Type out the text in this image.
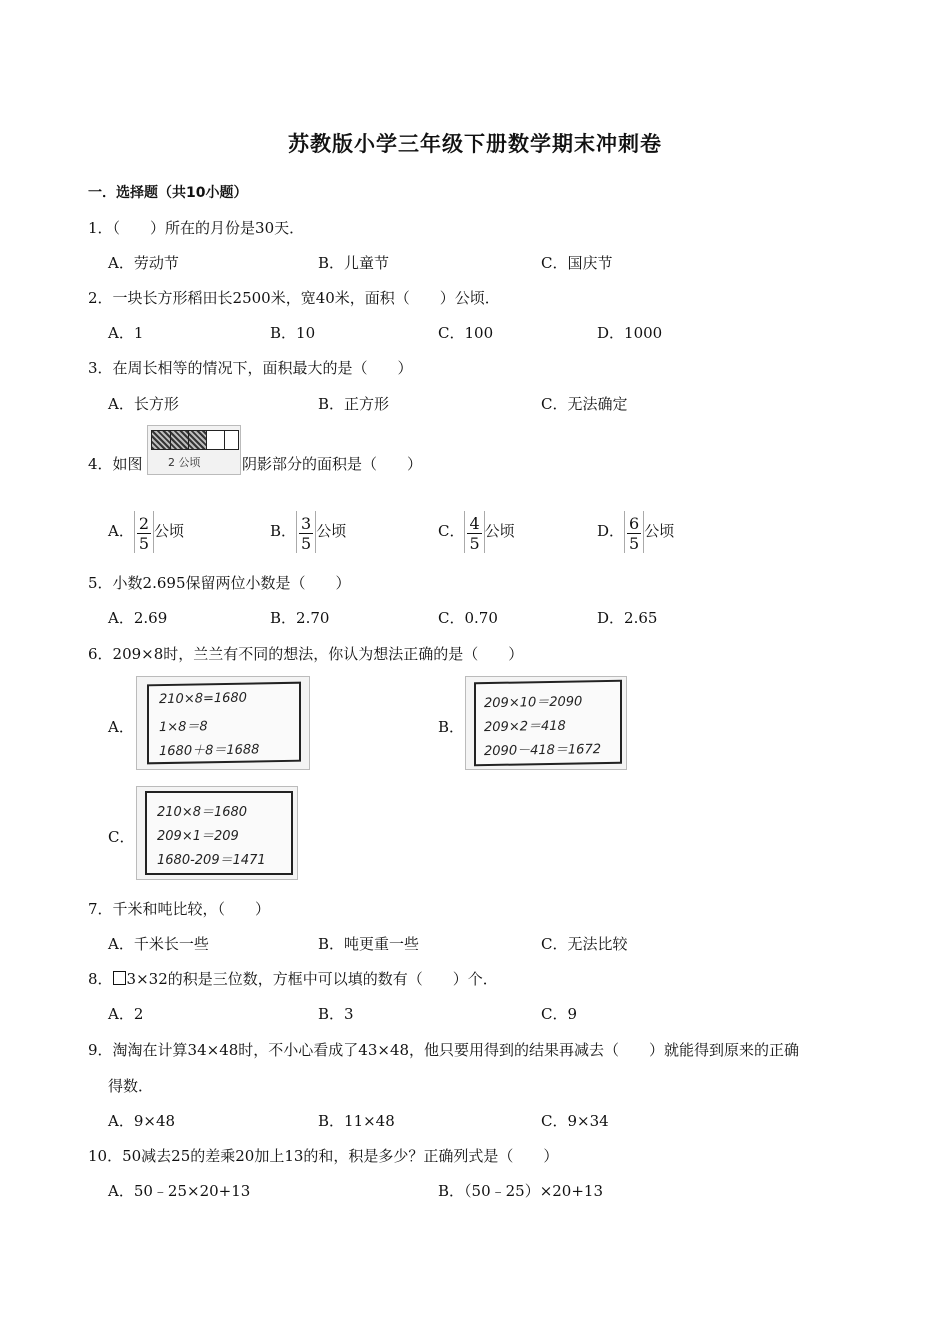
苏教版小学三年级下册数学期末冲刺卷
一．选择题（共10小题）
1．（　　）所在的月份是30天．
A．劳动节	B．儿童节	C．国庆节
2．一块长方形稻田长2500米，宽40米，面积（　　）公顷．
A．1	B．10	C．100	D．1000
3．在周长相等的情况下，面积最大的是（　　）
A．长方形	B．正方形	C．无法确定
4．如图 2 公顷	阴影部分的面积是（　　）
A． $\frac{2}{5}$ 公顷	B． $\frac{3}{5}$ 公顷	C． $\frac{4}{5}$ 公顷	D． $\frac{6}{5}$ 公顷
5．小数2.695保留两位小数是（　　）
A．2.69	B．2.70	C．0.70	D．2.65
6．209×8时，兰兰有不同的想法，你认为想法正确的是（　　）
A．
210×8=1680
1×8＝8
1680＋8＝1688
B．
209×10＝2090
209×2＝418
2090－418＝1672
C．
210×8＝1680
209×1＝209
1680-209＝1471
7．千米和吨比较，（　　）
A．千米长一些	B．吨更重一些	C．无法比较
8． 3×32的积是三位数，方框中可以填的数有（　　）个．
A．2	B．3	C．9
9．淘淘在计算34×48时，不小心看成了43×48，他只要用得到的结果再减去（　　）就能得到原来的正确
得数．
A．9×48	B．11×48	C．9×34
10．50减去25的差乘20加上13的和，积是多少？正确列式是（　　）
A．50﹣25×20+13	B．（50﹣25）×20+13
